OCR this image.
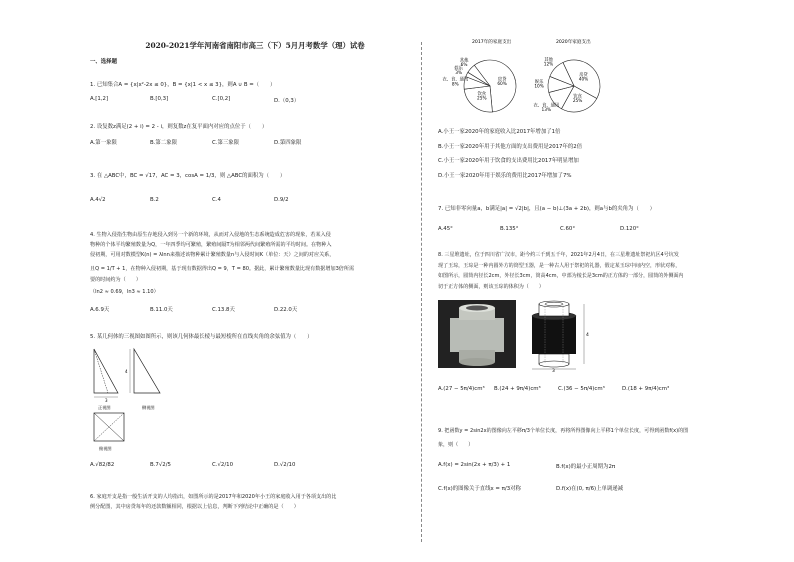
2020-2021学年河南省南阳市高三（下）5月月考数学（理）试卷
一、选择题
1. 已知集合A = {x|x²-2x ≤ 0}，B = {x|1 < x ≤ 3}，则A ∪ B =（　　）
A.[1,2]	B.[0,3]	C.[0,2]	D.（0,3）
2. 设复数z满足(2 + i) = 2 - i，则复数z在复平面内对应的点位于（　　）
A.第一象限	B.第二象限	C.第三象限	D.第四象限
3. 在 △ABC中，BC = √17，AC = 3，cosA = 1/3，则 △ABC的面积为（　　）
A.4√2	B.2	C.4	D.9/2
4. 生物入侵指生物由原生存地侵入到另一个新的环境，从而对入侵地的生态系统造成危害的现象，若某入侵
物种的个体平均繁殖数量为Q，一年四季均可繁殖，繁殖间隔T为相邻两代间繁殖所需的平均时间。在物种入
侵初期，可用对数模型K(n) = λlnn来描述该物种累计繁殖数量n与入侵时间K（单位：天）之间的对应关系，
且Q = 1/T + 1，在物种入侵初期，基于现有数据得出Q = 9，T = 80。据此，累计繁殖数量比现有数据增加3倍所需
要的时间约为（　　）
（ln2 ≈ 0.69，ln3 ≈ 1.10）
A.6.9天	B.11.0天	C.13.8天	D.22.0天
5. 某几何体的三视图如图所示，则该几何体最长棱与最短棱所在直线夹角的余弦值为（　　）
3
正视图
4
侧视图
俯视图
A.√82/82	B.7√2/5	C.√2/10	D.√2/10
6. 家庭开支是指一般生活开支的人均指出，如图所示的是2017年和2020年小王的家庭收入用于各项支出的比
例分配图，其中房贷每年的还款数额相同，根据以上信息，判断下列结论中正确的是（　　）
2017年的家庭支出	2020年家庭支出
房贷 60%
饮食 25%
衣、食、通讯 8%
娱乐 3%
其他 6%
房贷 40%
饮食 25%
衣、食、通讯 13%
娱乐 10%
其他 12%
A.小王一家2020年的家庭收入比2017年增加了1倍
B.小王一家2020年用于其他方面的支出费用是2017年的2倍
C.小王一家2020年用于饮食的支出费用比2017年明显增加
D.小王一家2020年用于娱乐的费用比2017年增加了7%
7. 已知非零向量a，b满足|a| = √2|b|，且(a − b)⊥(3a + 2b)，则a与b的夹角为（　　）
A.45°	B.135°	C.60°	D.120°
8. 三星堆遗址，位于四川省广汉市，距今约三千到五千年，2021年2月4日，在三星堆遗址祭祀坑区4号坑发
现了玉琮，玉琮是一种内圆外方的筒型玉器，是一种古人用于祭祀的礼器，假定某玉琮中间内空，形状对称，
如图所示，圆筒内径长2cm，外径长3cm，筒高4cm，中部为棱长是3cm的正方体的一部分，圆筒的外侧面内
切于正方体的侧面，则该玉琮的体积为（　　）
4
3
A.(27 − 5π/4)cm³ B.(24 + 9π/4)cm³	C.(36 − 5π/4)cm³	D.(18 + 9π/4)cm³
9. 把函数y = 2sin2x的图像向左平移π/3个单位长度，再将所得图像向上平移1个单位长度，可得到函数f(x)的图
象，则（　　）
A.f(x) = 2sin(2x + π/3) + 1	B.f(x)的最小正周期为2π
C.f(x)的图像关于直线x = π/3对称	D.f(x)在(0, π/6)上单调递减
